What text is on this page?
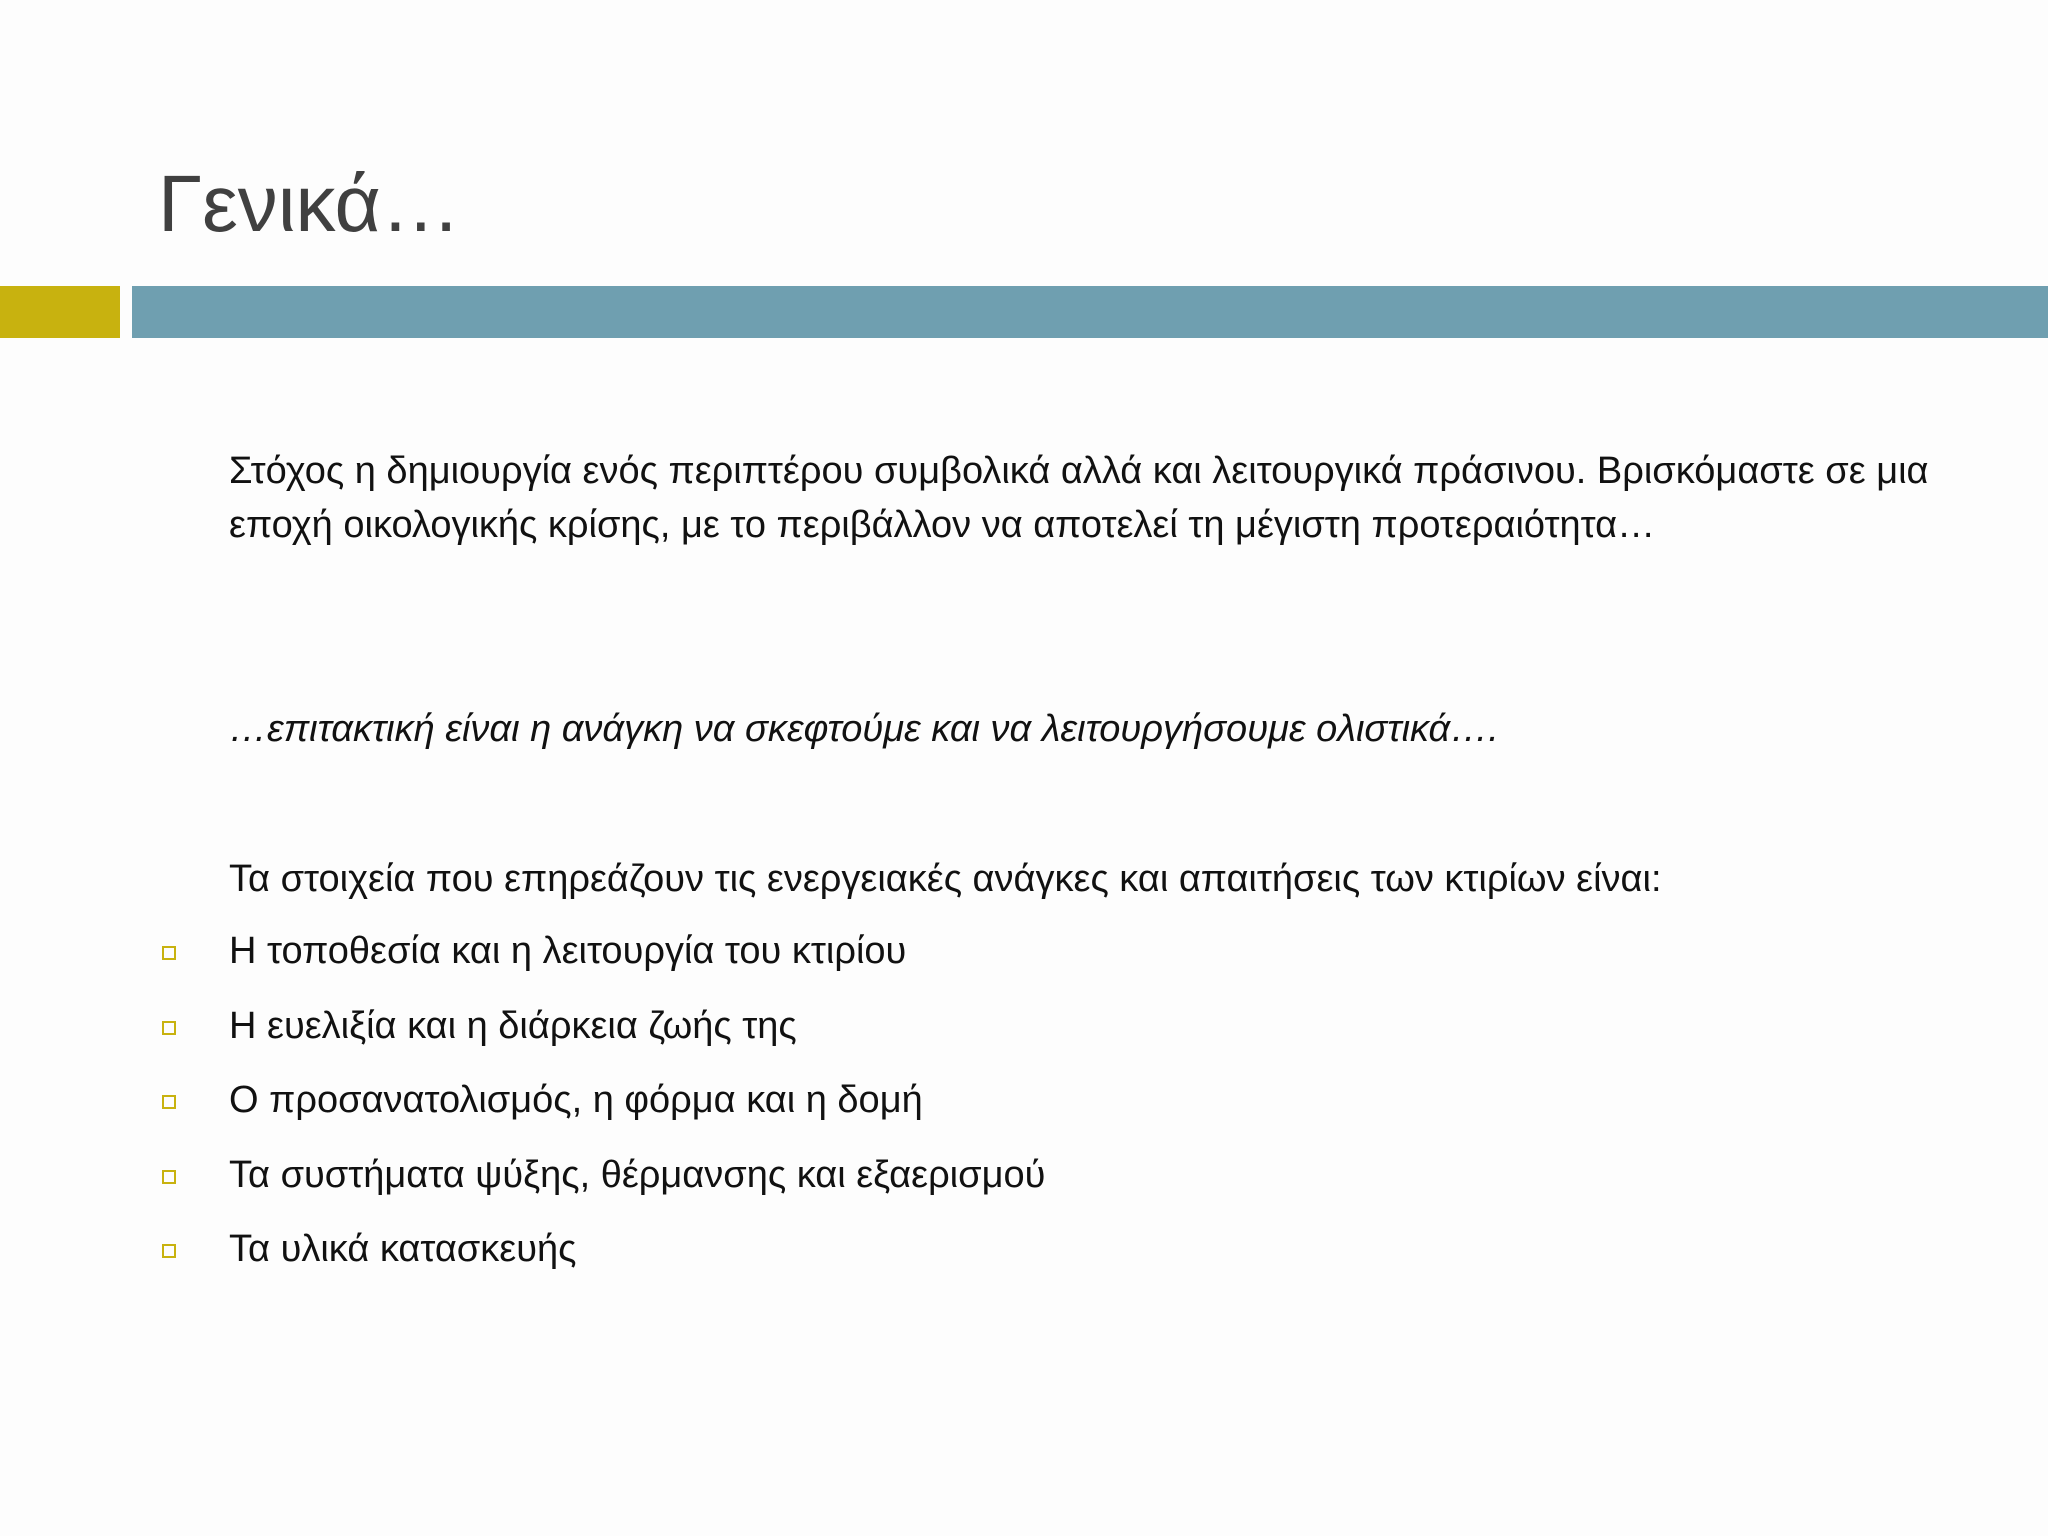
Γενικά…

Στόχος η δημιουργία ενός περιπτέρου συμβολικά αλλά και λειτουργικά πράσινου. Βρισκόμαστε σε μια εποχή οικολογικής κρίσης, με το περιβάλλον να αποτελεί τη μέγιστη προτεραιότητα…

…επιτακτική είναι η ανάγκη να σκεφτούμε και να λειτουργήσουμε ολιστικά….

Τα στοιχεία που επηρεάζουν τις ενεργειακές ανάγκες και απαιτήσεις των κτιρίων είναι:

Η τοποθεσία και η λειτουργία του κτιρίου
Η ευελιξία και η διάρκεια ζωής της
Ο προσανατολισμός, η φόρμα και η δομή
Τα συστήματα ψύξης, θέρμανσης και εξαερισμού
Τα υλικά κατασκευής
